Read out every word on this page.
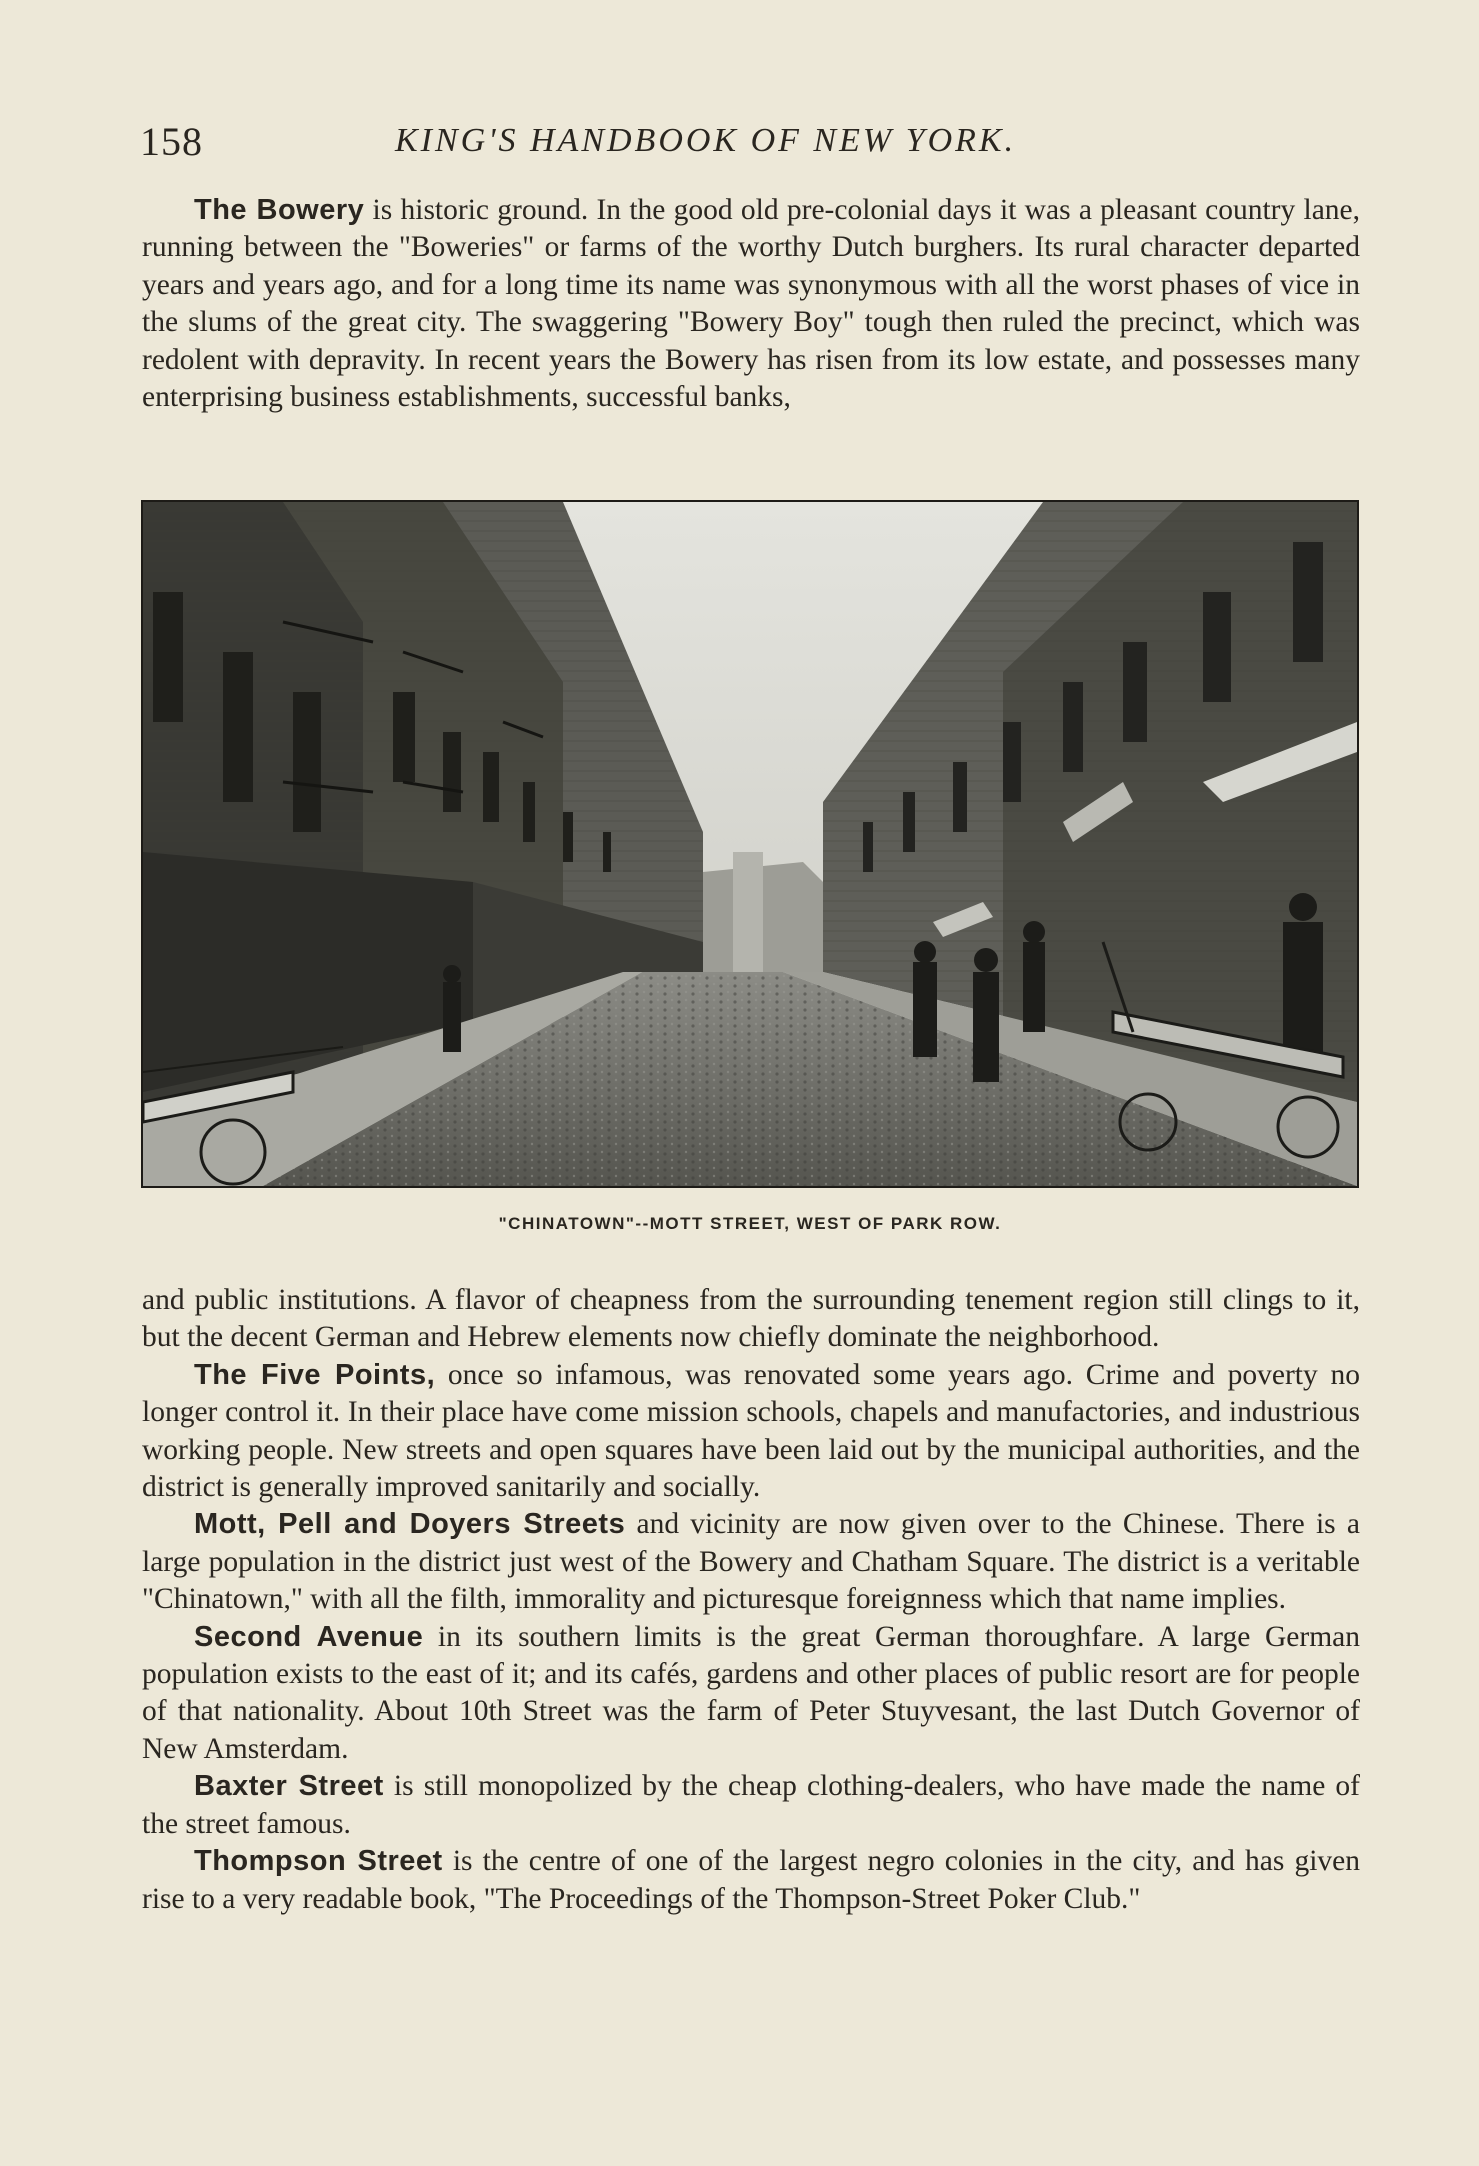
158	KING'S HANDBOOK OF NEW YORK.

The Bowery is historic ground. In the good old pre-colonial days it was a pleasant country lane, running between the "Boweries" or farms of the worthy Dutch burghers. Its rural character departed years and years ago, and for a long time its name was synonymous with all the worst phases of vice in the slums of the great city. The swaggering "Bowery Boy" tough then ruled the precinct, which was redolent with depravity. In recent years the Bowery has risen from its low estate, and possesses many enterprising business establishments, successful banks,

"CHINATOWN"--MOTT STREET, WEST OF PARK ROW.

and public institutions. A flavor of cheapness from the surrounding tenement region still clings to it, but the decent German and Hebrew elements now chiefly dominate the neighborhood.

The Five Points, once so infamous, was renovated some years ago. Crime and poverty no longer control it. In their place have come mission schools, chapels and manufactories, and industrious working people. New streets and open squares have been laid out by the municipal authorities, and the district is generally improved sanitarily and socially.

Mott, Pell and Doyers Streets and vicinity are now given over to the Chinese. There is a large population in the district just west of the Bowery and Chatham Square. The district is a veritable "Chinatown," with all the filth, immorality and picturesque foreignness which that name implies.

Second Avenue in its southern limits is the great German thoroughfare. A large German population exists to the east of it; and its cafés, gardens and other places of public resort are for people of that nationality. About 10th Street was the farm of Peter Stuyvesant, the last Dutch Governor of New Amsterdam.

Baxter Street is still monopolized by the cheap clothing-dealers, who have made the name of the street famous.

Thompson Street is the centre of one of the largest negro colonies in the city, and has given rise to a very readable book, "The Proceedings of the Thompson-Street Poker Club."
